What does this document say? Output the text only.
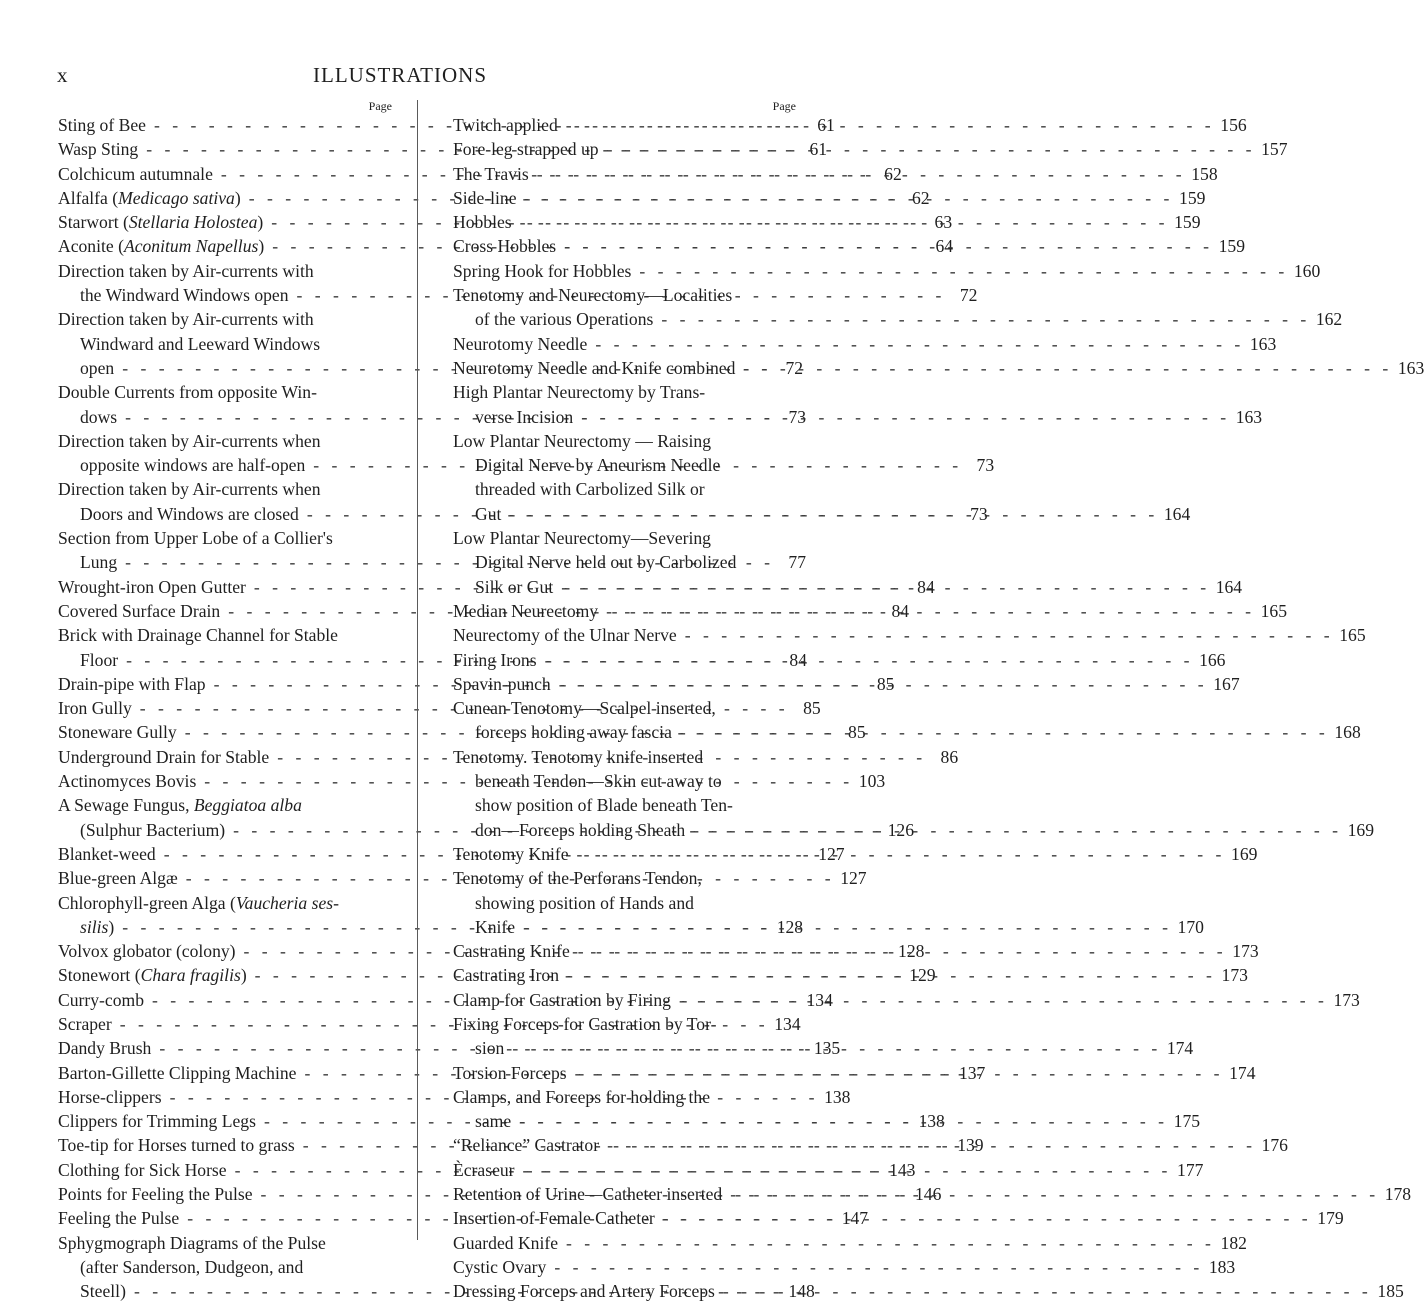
x	ILLUSTRATIONS
Page
Sting of Bee - - -	61
Wasp Sting - - -	61
Colchicum autumnale - - -	62
Alfalfa (Medicago sativa) - - -	62
Starwort (Stellaria Holostea) - - -	63
Aconite (Aconitum Napellus) - - -	64
Direction taken by Air-currents with
the Windward Windows open - - -	72
Direction taken by Air-currents with
Windward and Leeward Windows
open - - -	72
Double Currents from opposite Win-
dows - - -	73
Direction taken by Air-currents when
opposite windows are half-open - - -	73
Direction taken by Air-currents when
Doors and Windows are closed - - -	73
Section from Upper Lobe of a Collier's
Lung - - -	77
Wrought-iron Open Gutter - - -	84
Covered Surface Drain - - -	84
Brick with Drainage Channel for Stable
Floor - - -	84
Drain-pipe with Flap - - -	85
Iron Gully - - -	85
Stoneware Gully - - -	85
Underground Drain for Stable - - -	86
Actinomyces Bovis - - -	103
A Sewage Fungus, Beggiatoa alba
(Sulphur Bacterium) - - -	126
Blanket-weed - - -	127
Blue-green Algæ - - -	127
Chlorophyll-green Alga (Vaucheria ses-
silis) - - -	128
Volvox globator (colony) - - -	128
Stonewort (Chara fragilis) - - -	129
Curry-comb - - -	134
Scraper - - -	134
Dandy Brush - - -	135
Barton-Gillette Clipping Machine - - -	137
Horse-clippers - - -	138
Clippers for Trimming Legs - - -	138
Toe-tip for Horses turned to grass - - -	139
Clothing for Sick Horse - - -	143
Points for Feeling the Pulse - - -	146
Feeling the Pulse - - -	147
Sphygmograph Diagrams of the Pulse
(after Sanderson, Dudgeon, and
Steell) - - -	148
Page
Twitch applied - - -	156
Fore-leg strapped up - - -	157
The Travis - - -	158
Side-line - - -	159
Hobbles - - -	159
Cross Hobbles - - -	159
Spring Hook for Hobbles - - -	160
Tenotomy and Neurectomy—Localities
of the various Operations - - -	162
Neurotomy Needle - - -	163
Neurotomy Needle and Knife combined - - -	163
High Plantar Neurectomy by Trans-
verse Incision - - -	163
Low Plantar Neurectomy — Raising
Digital Nerve by Aneurism Needle
threaded with Carbolized Silk or
Gut - - -	164
Low Plantar Neurectomy—Severing
Digital Nerve held out by Carbolized
Silk or Gut - - -	164
Median Neurectomy - - -	165
Neurectomy of the Ulnar Nerve - - -	165
Firing Irons - - -	166
Spavin-punch - - -	167
Cunean Tenotomy—Scalpel inserted,
forceps holding away fascia - - -	168
Tenotomy. Tenotomy knife inserted
beneath Tendon—Skin cut away to
show position of Blade beneath Ten-
don—Forceps holding Sheath - - -	169
Tenotomy Knife - - -	169
Tenotomy of the Perforans Tendon,
showing position of Hands and
Knife - - -	170
Castrating Knife - - -	173
Castrating Iron - - -	173
Clamp for Castration by Firing - - -	173
Fixing Forceps for Castration by Tor-
sion - - -	174
Torsion Forceps - - -	174
Clamps, and Forceps for holding the
same - - -	175
“Reliance” Castrator - - -	176
Ècraseur - - -	177
Retention of Urine—Catheter inserted - - -	178
Insertion of Female Catheter - - -	179
Guarded Knife - - -	182
Cystic Ovary - - -	183
Dressing Forceps and Artery Forceps - - -	185
